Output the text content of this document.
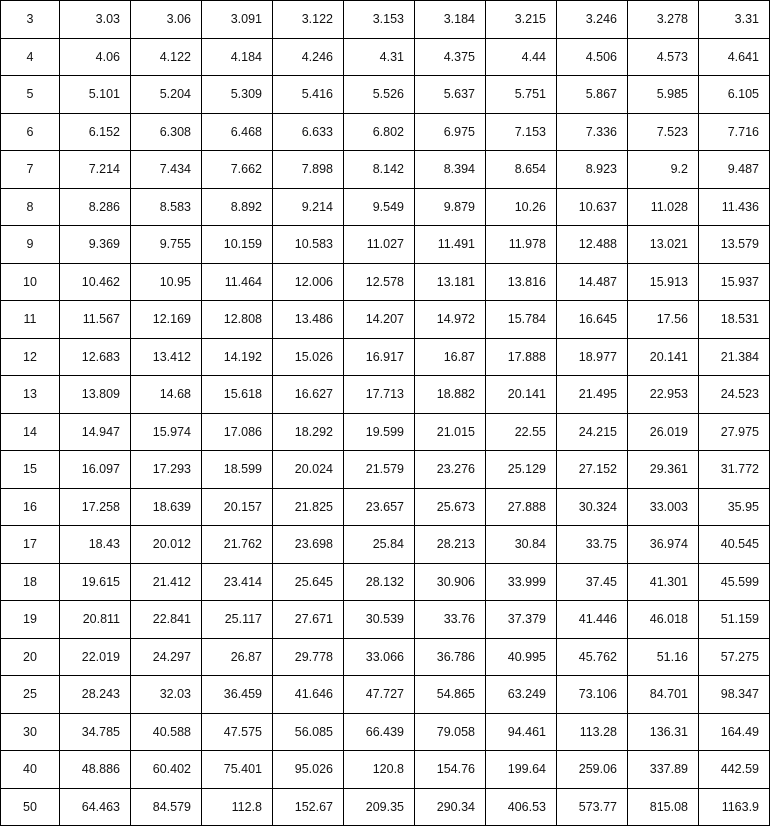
3	3.03	3.06	3.091	3.122	3.153	3.184	3.215	3.246	3.278	3.31
4	4.06	4.122	4.184	4.246	4.31	4.375	4.44	4.506	4.573	4.641
5	5.101	5.204	5.309	5.416	5.526	5.637	5.751	5.867	5.985	6.105
6	6.152	6.308	6.468	6.633	6.802	6.975	7.153	7.336	7.523	7.716
7	7.214	7.434	7.662	7.898	8.142	8.394	8.654	8.923	9.2	9.487
8	8.286	8.583	8.892	9.214	9.549	9.879	10.26	10.637	11.028	11.436
9	9.369	9.755	10.159	10.583	11.027	11.491	11.978	12.488	13.021	13.579
10	10.462	10.95	11.464	12.006	12.578	13.181	13.816	14.487	15.913	15.937
11	11.567	12.169	12.808	13.486	14.207	14.972	15.784	16.645	17.56	18.531
12	12.683	13.412	14.192	15.026	16.917	16.87	17.888	18.977	20.141	21.384
13	13.809	14.68	15.618	16.627	17.713	18.882	20.141	21.495	22.953	24.523
14	14.947	15.974	17.086	18.292	19.599	21.015	22.55	24.215	26.019	27.975
15	16.097	17.293	18.599	20.024	21.579	23.276	25.129	27.152	29.361	31.772
16	17.258	18.639	20.157	21.825	23.657	25.673	27.888	30.324	33.003	35.95
17	18.43	20.012	21.762	23.698	25.84	28.213	30.84	33.75	36.974	40.545
18	19.615	21.412	23.414	25.645	28.132	30.906	33.999	37.45	41.301	45.599
19	20.811	22.841	25.117	27.671	30.539	33.76	37.379	41.446	46.018	51.159
20	22.019	24.297	26.87	29.778	33.066	36.786	40.995	45.762	51.16	57.275
25	28.243	32.03	36.459	41.646	47.727	54.865	63.249	73.106	84.701	98.347
30	34.785	40.588	47.575	56.085	66.439	79.058	94.461	113.28	136.31	164.49
40	48.886	60.402	75.401	95.026	120.8	154.76	199.64	259.06	337.89	442.59
50	64.463	84.579	112.8	152.67	209.35	290.34	406.53	573.77	815.08	1163.9
